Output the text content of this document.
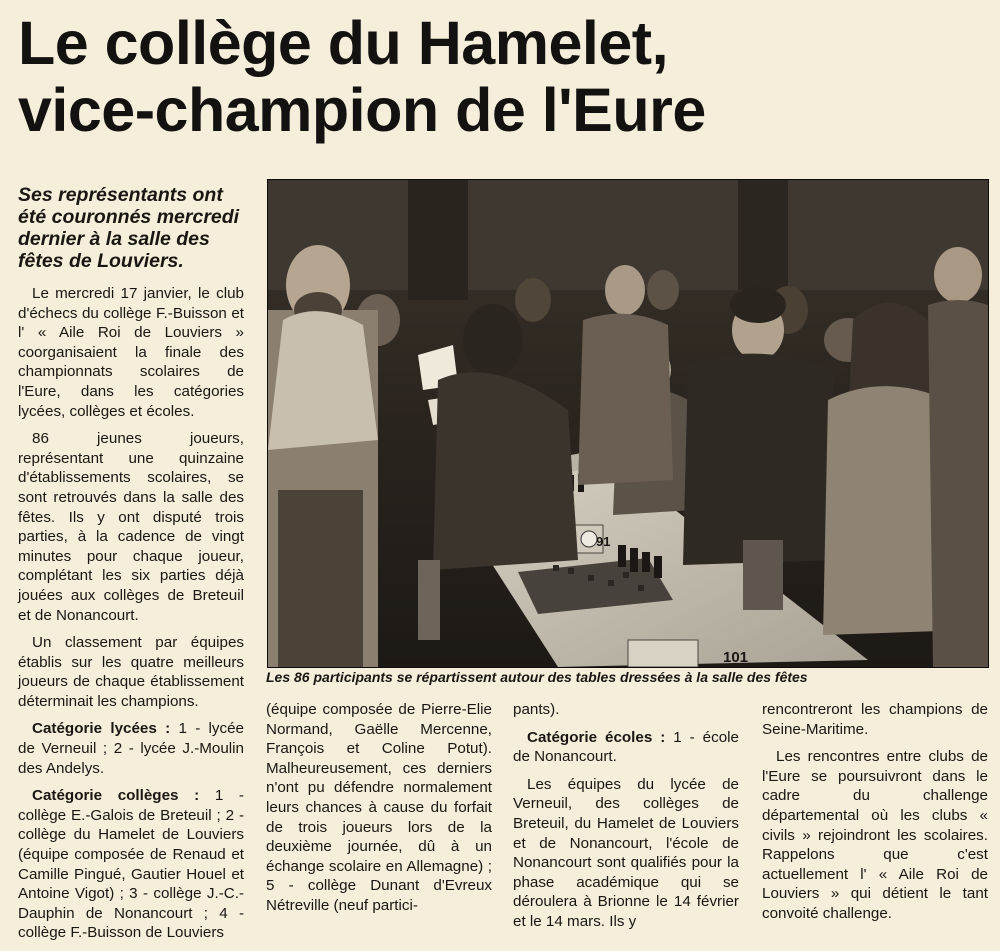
Le collège du Hamelet,
vice-champion de l'Eure

Ses représentants ont été couronnés mercredi dernier à la salle des fêtes de Louviers.

91
101

Les 86 participants se répartissent autour des tables dressées à la salle des fêtes

Le mercredi 17 janvier, le club d'échecs du collège F.-Buisson et l' « Aile Roi de Louviers » coorganisaient la finale des championnats scolaires de l'Eure, dans les catégories lycées, collèges et écoles.

86 jeunes joueurs, représentant une quinzaine d'établissements scolaires, se sont retrouvés dans la salle des fêtes. Ils y ont disputé trois parties, à la cadence de vingt minutes pour chaque joueur, complétant les six parties déjà jouées aux collèges de Breteuil et de Nonancourt.

Un classement par équipes établis sur les quatre meilleurs joueurs de chaque établissement déterminait les champions.

Catégorie lycées : 1 - lycée de Verneuil ; 2 - lycée J.-Moulin des Andelys.

Catégorie collèges : 1 - collège E.-Galois de Breteuil ; 2 - collège du Hamelet de Louviers (équipe composée de Renaud et Camille Pingué, Gautier Houel et Antoine Vigot) ; 3 - collège J.-C.-Dauphin de Nonancourt ; 4 - collège F.-Buisson de Louviers

(équipe composée de Pierre-Elie Normand, Gaëlle Mercenne, François et Coline Potut). Malheureusement, ces derniers n'ont pu défendre normalement leurs chances à cause du forfait de trois joueurs lors de la deuxième journée, dû à un échange scolaire en Allemagne) ; 5 - collège Dunant d'Evreux Nétreville (neuf partici-

pants).

Catégorie écoles : 1 - école de Nonancourt.

Les équipes du lycée de Verneuil, des collèges de Breteuil, du Hamelet de Louviers et de Nonancourt, l'école de Nonancourt sont qualifiés pour la phase académique qui se déroulera à Brionne le 14 février et le 14 mars. Ils y

rencontreront les champions de Seine-Maritime.

Les rencontres entre clubs de l'Eure se poursuivront dans le cadre du challenge départemental où les clubs « civils » rejoindront les scolaires. Rappelons que c'est actuellement l' « Aile Roi de Louviers » qui détient le tant convoité challenge.
